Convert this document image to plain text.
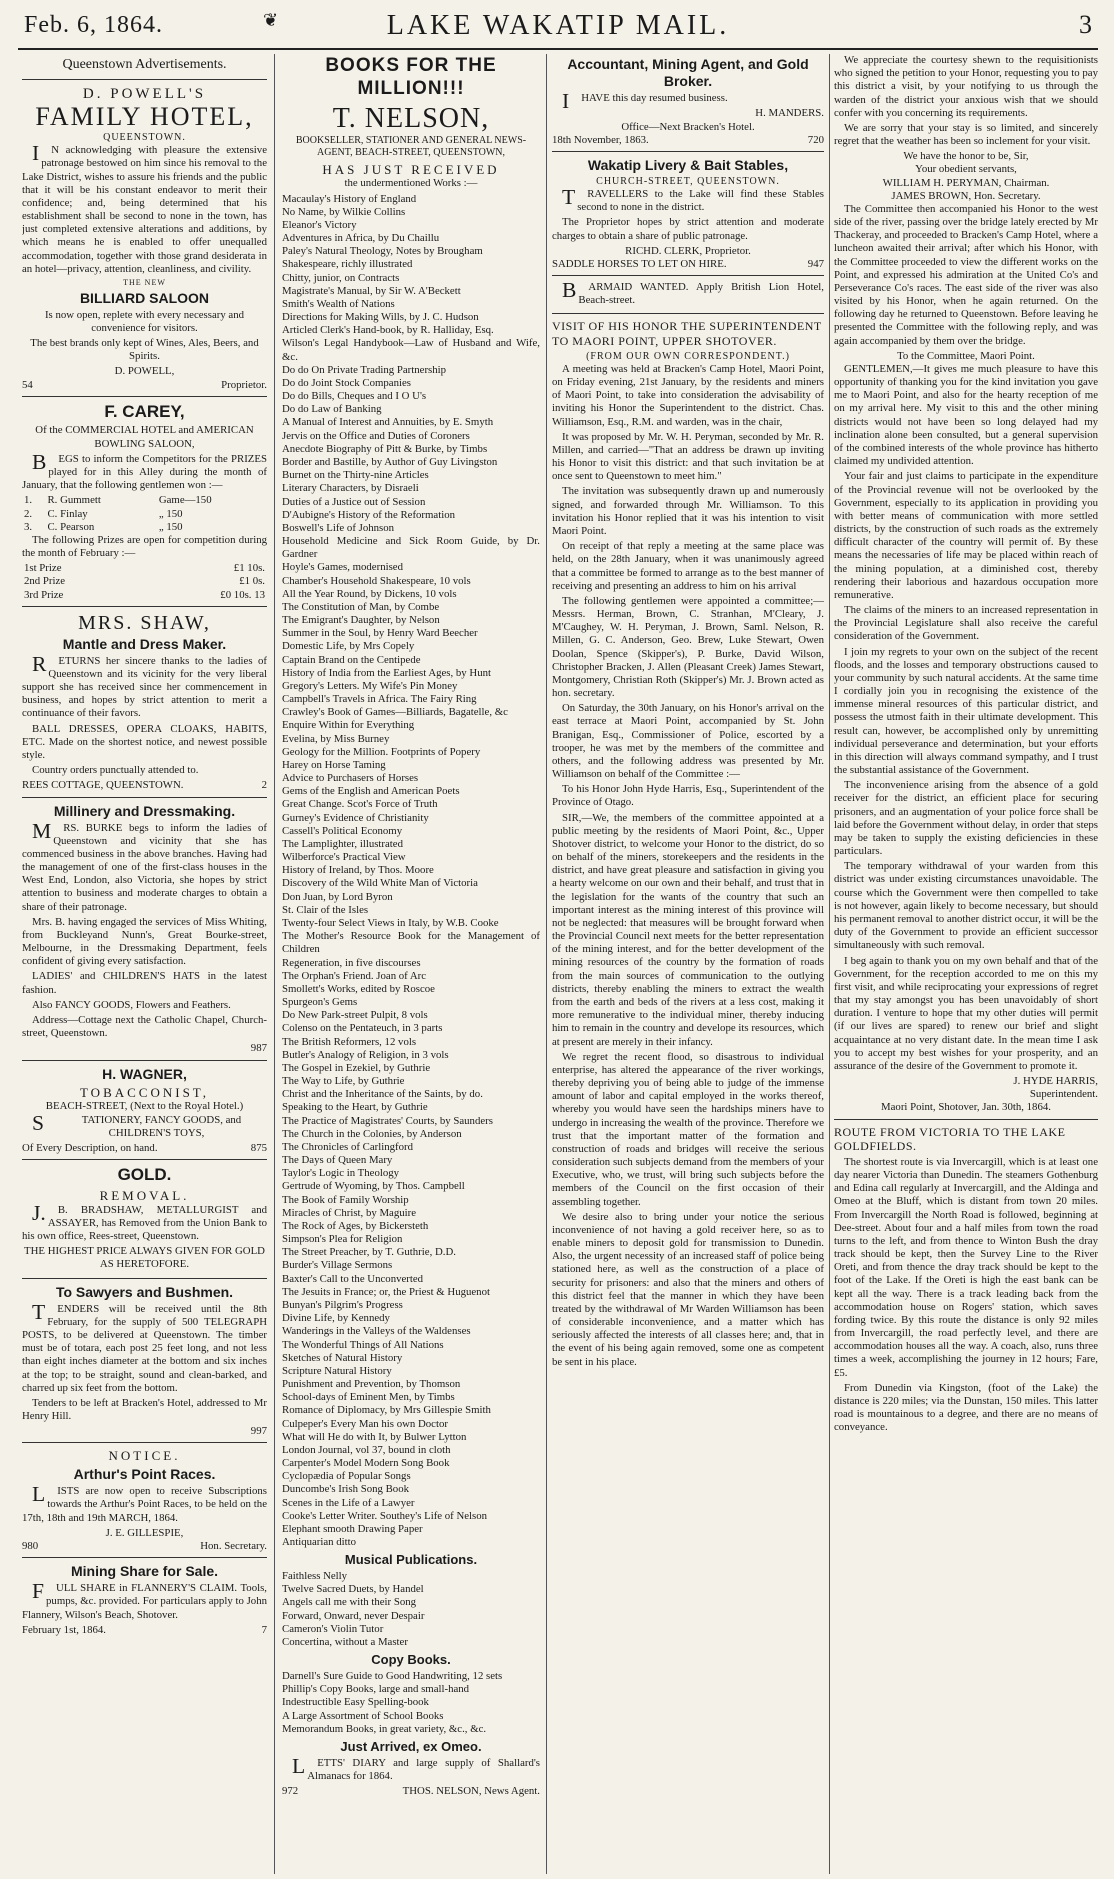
Feb. 6, 1864.	❦	LAKE WAKATIP MAIL.	3
Queenstown Advertisements.
D. POWELL'S
FAMILY HOTEL,
QUEENSTOWN.

IN acknowledging with pleasure the extensive patronage bestowed on him since his removal to the Lake District, wishes to assure his friends and the public that it will be his constant endeavor to merit their confidence; and, being determined that his establishment shall be second to none in the town, has just completed extensive alterations and additions, by which means he is enabled to offer unequalled accommodation, together with those grand desiderata in an hotel—privacy, attention, cleanliness, and civility.

THE NEW
BILLIARD SALOON

Is now open, replete with every necessary and convenience for visitors.

The best brands only kept of Wines, Ales, Beers, and Spirits.

D. POWELL,
54	Proprietor.
F. CAREY,

Of the COMMERCIAL HOTEL and AMERICAN BOWLING SALOON,

BEGS to inform the Competitors for the PRIZES played for in this Alley during the month of January, that the following gentlemen won :—

1.	R. Gummett	Game—150
2.	C. Finlay	„ 150
3.	C. Pearson	„ 150

The following Prizes are open for competition during the month of February :—

1st Prize	£1 10s.
2nd Prize	£1 0s.
3rd Prize	£0 10s. 13
MRS. SHAW,
Mantle and Dress Maker.

RETURNS her sincere thanks to the ladies of Queenstown and its vicinity for the very liberal support she has received since her commencement in business, and hopes by strict attention to merit a continuance of their favors.

BALL DRESSES, OPERA CLOAKS, HABITS, ETC. Made on the shortest notice, and newest possible style.

Country orders punctually attended to.

REES COTTAGE, QUEENSTOWN.	2
Millinery and Dressmaking.

MRS. BURKE begs to inform the ladies of Queenstown and vicinity that she has commenced business in the above branches. Having had the management of one of the first-class houses in the West End, London, also Victoria, she hopes by strict attention to business and moderate charges to obtain a share of their patronage.

Mrs. B. having engaged the services of Miss Whiting, from Buckleyand Nunn's, Great Bourke-street, Melbourne, in the Dressmaking Department, feels confident of giving every satisfaction.

LADIES' and CHILDREN'S HATS in the latest fashion.

Also FANCY GOODS, Flowers and Feathers.

Address—Cottage next the Catholic Chapel, Church-street, Queenstown.

987
H. WAGNER,
TOBACCONIST,
BEACH-STREET, (Next to the Royal Hotel.)

STATIONERY, FANCY GOODS, and CHILDREN'S TOYS,

Of Every Description, on hand.	875
GOLD.
REMOVAL.

J.B. BRADSHAW, METALLURGIST and ASSAYER, has Removed from the Union Bank to his own office, Rees-street, Queenstown.

THE HIGHEST PRICE ALWAYS GIVEN FOR GOLD AS HERETOFORE.

To Sawyers and Bushmen.

TENDERS will be received until the 8th February, for the supply of 500 TELEGRAPH POSTS, to be delivered at Queenstown. The timber must be of totara, each post 25 feet long, and not less than eight inches diameter at the bottom and six inches at the top; to be straight, sound and clean-barked, and charred up six feet from the bottom.

Tenders to be left at Bracken's Hotel, addressed to Mr Henry Hill.

997
NOTICE.
Arthur's Point Races.

LISTS are now open to receive Subscriptions towards the Arthur's Point Races, to be held on the 17th, 18th and 19th MARCH, 1864.

J. E. GILLESPIE,
980	Hon. Secretary.
Mining Share for Sale.

FULL SHARE in FLANNERY'S CLAIM. Tools, pumps, &c. provided. For particulars apply to John Flannery, Wilson's Beach, Shotover.

February 1st, 1864.	7
BOOKS FOR THE MILLION!!!
T. NELSON,

BOOKSELLER, STATIONER AND GENERAL NEWS-AGENT, BEACH-STREET, QUEENSTOWN,

HAS JUST RECEIVED

the undermentioned Works :—

Macaulay's History of England
No Name, by Wilkie Collins
Eleanor's Victory
Adventures in Africa, by Du Chaillu
Paley's Natural Theology, Notes by Brougham
Shakespeare, richly illustrated
Chitty, junior, on Contracts
Magistrate's Manual, by Sir W. A'Beckett
Smith's Wealth of Nations
Directions for Making Wills, by J. C. Hudson
Articled Clerk's Hand-book, by R. Halliday, Esq.
Wilson's Legal Handybook—Law of Husband and Wife, &c.
Do do On Private Trading Partnership
Do do Joint Stock Companies
Do do Bills, Cheques and I O U's
Do do Law of Banking
A Manual of Interest and Annuities, by E. Smyth
Jervis on the Office and Duties of Coroners
Anecdote Biography of Pitt & Burke, by Timbs
Border and Bastille, by Author of Guy Livingston
Burnet on the Thirty-nine Articles
Literary Characters, by Disraeli
Duties of a Justice out of Session
D'Aubigne's History of the Reformation
Boswell's Life of Johnson
Household Medicine and Sick Room Guide, by Dr. Gardner
Hoyle's Games, modernised
Chamber's Household Shakespeare, 10 vols
All the Year Round, by Dickens, 10 vols
The Constitution of Man, by Combe
The Emigrant's Daughter, by Nelson
Summer in the Soul, by Henry Ward Beecher
Domestic Life, by Mrs Copely
Captain Brand on the Centipede
History of India from the Earliest Ages, by Hunt
Gregory's Letters. My Wife's Pin Money
Campbell's Travels in Africa. The Fairy Ring
Crawley's Book of Games—Billiards, Bagatelle, &c
Enquire Within for Everything
Evelina, by Miss Burney
Geology for the Million. Footprints of Popery
Harey on Horse Taming
Advice to Purchasers of Horses
Gems of the English and American Poets
Great Change. Scot's Force of Truth
Gurney's Evidence of Christianity
Cassell's Political Economy
The Lamplighter, illustrated
Wilberforce's Practical View
History of Ireland, by Thos. Moore
Discovery of the Wild White Man of Victoria
Don Juan, by Lord Byron
St. Clair of the Isles
Twenty-four Select Views in Italy, by W.B. Cooke
The Mother's Resource Book for the Management of Children
Regeneration, in five discourses
The Orphan's Friend. Joan of Arc
Smollett's Works, edited by Roscoe
Spurgeon's Gems
Do New Park-street Pulpit, 8 vols
Colenso on the Pentateuch, in 3 parts
The British Reformers, 12 vols
Butler's Analogy of Religion, in 3 vols
The Gospel in Ezekiel, by Guthrie
The Way to Life, by Guthrie
Christ and the Inheritance of the Saints, by do.
Speaking to the Heart, by Guthrie
The Practice of Magistrates' Courts, by Saunders
The Church in the Colonies, by Anderson
The Chronicles of Carlingford
The Days of Queen Mary
Taylor's Logic in Theology
Gertrude of Wyoming, by Thos. Campbell
The Book of Family Worship
Miracles of Christ, by Maguire
The Rock of Ages, by Bickersteth
Simpson's Plea for Religion
The Street Preacher, by T. Guthrie, D.D.
Burder's Village Sermons
Baxter's Call to the Unconverted
The Jesuits in France; or, the Priest & Huguenot
Bunyan's Pilgrim's Progress
Divine Life, by Kennedy
Wanderings in the Valleys of the Waldenses
The Wonderful Things of All Nations
Sketches of Natural History
Scripture Natural History
Punishment and Prevention, by Thomson
School-days of Eminent Men, by Timbs
Romance of Diplomacy, by Mrs Gillespie Smith
Culpeper's Every Man his own Doctor
What will He do with It, by Bulwer Lytton
London Journal, vol 37, bound in cloth
Carpenter's Model Modern Song Book
Cyclopædia of Popular Songs
Duncombe's Irish Song Book
Scenes in the Life of a Lawyer
Cooke's Letter Writer. Southey's Life of Nelson
Elephant smooth Drawing Paper
Antiquarian ditto
Musical Publications.
Faithless Nelly
Twelve Sacred Duets, by Handel
Angels call me with their Song
Forward, Onward, never Despair
Cameron's Violin Tutor
Concertina, without a Master
Copy Books.
Darnell's Sure Guide to Good Handwriting, 12 sets
Phillip's Copy Books, large and small-hand
Indestructible Easy Spelling-book
A Large Assortment of School Books
Memorandum Books, in great variety, &c., &c.
Just Arrived, ex Omeo.

LETTS' DIARY and large supply of Shallard's Almanacs for 1864.

972	THOS. NELSON, News Agent.
Accountant, Mining Agent, and Gold Broker.

IHAVE this day resumed business.

H. MANDERS.
Office—Next Bracken's Hotel.
18th November, 1863.	720
Wakatip Livery & Bait Stables,
CHURCH-STREET, QUEENSTOWN.

TRAVELLERS to the Lake will find these Stables second to none in the district.

The Proprietor hopes by strict attention and moderate charges to obtain a share of public patronage.

RICHD. CLERK, Proprietor.
SADDLE HORSES TO LET ON HIRE.	947

BARMAID WANTED. Apply British Lion Hotel, Beach-street.

VISIT OF HIS HONOR THE SUPERINTENDENT TO MAORI POINT, UPPER SHOTOVER.
(FROM OUR OWN CORRESPONDENT.)

A meeting was held at Bracken's Camp Hotel, Maori Point, on Friday evening, 21st January, by the residents and miners of Maori Point, to take into consideration the advisability of inviting his Honor the Superintendent to the district. Chas. Williamson, Esq., R.M. and warden, was in the chair,

It was proposed by Mr. W. H. Peryman, seconded by Mr. R. Millen, and carried—"That an address be drawn up inviting his Honor to visit this district: and that such invitation be at once sent to Queenstown to meet him."

The invitation was subsequently drawn up and numerously signed, and forwarded through Mr. Williamson. To this invitation his Honor replied that it was his intention to visit Maori Point.

On receipt of that reply a meeting at the same place was held, on the 28th January, when it was unanimously agreed that a committee be formed to arrange as to the best manner of receiving and presenting an address to him on his arrival

The following gentlemen were appointed a committee;—Messrs. Herman, Brown, C. Stranhan, M'Cleary, J. M'Caughey, W. H. Peryman, J. Brown, Saml. Nelson, R. Millen, G. C. Anderson, Geo. Brew, Luke Stewart, Owen Doolan, Spence (Skipper's), P. Burke, David Wilson, Christopher Bracken, J. Allen (Pleasant Creek) James Stewart, Montgomery, Christian Roth (Skipper's) Mr. J. Brown acted as hon. secretary.

On Saturday, the 30th January, on his Honor's arrival on the east terrace at Maori Point, accompanied by St. John Branigan, Esq., Commissioner of Police, escorted by a trooper, he was met by the members of the committee and others, and the following address was presented by Mr. Williamson on behalf of the Committee :—

To his Honor John Hyde Harris, Esq., Superintendent of the Province of Otago.

SIR,—We, the members of the committee appointed at a public meeting by the residents of Maori Point, &c., Upper Shotover district, to welcome your Honor to the district, do so on behalf of the miners, storekeepers and the residents in the district, and have great pleasure and satisfaction in giving you a hearty welcome on our own and their behalf, and trust that in the legislation for the wants of the country that such an important interest as the mining interest of this province will not be neglected: that measures will be brought forward when the Provincial Council next meets for the better representation of the mining interest, and for the better development of the mining resources of the country by the formation of roads from the main sources of communication to the outlying districts, thereby enabling the miners to extract the wealth from the earth and beds of the rivers at a less cost, making it more remunerative to the individual miner, thereby inducing him to remain in the country and develope its resources, which at present are merely in their infancy.

We regret the recent flood, so disastrous to individual enterprise, has altered the appearance of the river workings, thereby depriving you of being able to judge of the immense amount of labor and capital employed in the works thereof, whereby you would have seen the hardships miners have to undergo in increasing the wealth of the province. Therefore we trust that the important matter of the formation and construction of roads and bridges will receive the serious consideration such subjects demand from the members of your Executive, who, we trust, will bring such subjects before the members of the Council on the first occasion of their assembling together.

We desire also to bring under your notice the serious inconvenience of not having a gold receiver here, so as to enable miners to deposit gold for transmission to Dunedin. Also, the urgent necessity of an increased staff of police being stationed here, as well as the construction of a place of security for prisoners: and also that the miners and others of this district feel that the manner in which they have been treated by the withdrawal of Mr Warden Williamson has been of considerable inconvenience, and a matter which has seriously affected the interests of all classes here; and, that in the event of his being again removed, some one as competent be sent in his place.

We appreciate the courtesy shewn to the requisitionists who signed the petition to your Honor, requesting you to pay this district a visit, by your notifying to us through the warden of the district your anxious wish that we should confer with you concerning its requirements.

We are sorry that your stay is so limited, and sincerely regret that the weather has been so inclement for your visit.

We have the honor to be, Sir,
Your obedient servants,
WILLIAM H. PERYMAN, Chairman.
JAMES BROWN, Hon. Secretary.

The Committee then accompanied his Honor to the west side of the river, passing over the bridge lately erected by Mr Thackeray, and proceeded to Bracken's Camp Hotel, where a luncheon awaited their arrival; after which his Honor, with the Committee proceeded to view the different works on the Point, and expressed his admiration at the United Co's and Perseverance Co's races. The east side of the river was also visited by his Honor, when he again returned. On the following day he returned to Queenstown. Before leaving he presented the Committee with the following reply, and was again accompanied by them over the bridge.

To the Committee, Maori Point.

GENTLEMEN,—It gives me much pleasure to have this opportunity of thanking you for the kind invitation you gave me to Maori Point, and also for the hearty reception of me on my arrival here. My visit to this and the other mining districts would not have been so long delayed had my inclination alone been consulted, but a general supervision of the combined interests of the whole province has hitherto claimed my undivided attention.

Your fair and just claims to participate in the expenditure of the Provincial revenue will not be overlooked by the Government, especially to its application in providing you with better means of communication with more settled districts, by the construction of such roads as the extremely difficult character of the country will permit of. By these means the necessaries of life may be placed within reach of the mining population, at a diminished cost, thereby rendering their laborious and hazardous occupation more remunerative.

The claims of the miners to an increased representation in the Provincial Legislature shall also receive the careful consideration of the Government.

I join my regrets to your own on the subject of the recent floods, and the losses and temporary obstructions caused to your community by such natural accidents. At the same time I cordially join you in recognising the existence of the immense mineral resources of this particular district, and possess the utmost faith in their ultimate development. This result can, however, be accomplished only by unremitting individual perseverance and determination, but your efforts in this direction will always command sympathy, and I trust the substantial assistance of the Government.

The inconvenience arising from the absence of a gold receiver for the district, an efficient place for securing prisoners, and an augmentation of your police force shall be laid before the Government without delay, in order that steps may be taken to supply the existing deficiencies in these particulars.

The temporary withdrawal of your warden from this district was under existing circumstances unavoidable. The course which the Government were then compelled to take is not however, again likely to become necessary, but should his permanent removal to another district occur, it will be the duty of the Government to provide an efficient successor simultaneously with such removal.

I beg again to thank you on my own behalf and that of the Government, for the reception accorded to me on this my first visit, and while reciprocating your expressions of regret that my stay amongst you has been unavoidably of short duration. I venture to hope that my other duties will permit (if our lives are spared) to renew our brief and slight acquaintance at no very distant date. In the mean time I ask you to accept my best wishes for your prosperity, and an assurance of the desire of the Government to promote it.

J. HYDE HARRIS,
Superintendent.
Maori Point, Shotover, Jan. 30th, 1864.
ROUTE FROM VICTORIA TO THE LAKE GOLDFIELDS.

The shortest route is via Invercargill, which is at least one day nearer Victoria than Dunedin. The steamers Gothenburg and Edina call regularly at Invercargill, and the Aldinga and Omeo at the Bluff, which is distant from town 20 miles. From Invercargill the North Road is followed, beginning at Dee-street. About four and a half miles from town the road turns to the left, and from thence to Winton Bush the dray track should be kept, then the Survey Line to the River Oreti, and from thence the dray track should be kept to the foot of the Lake. If the Oreti is high the east bank can be kept all the way. There is a track leading back from the accommodation house on Rogers' station, which saves fording twice. By this route the distance is only 92 miles from Invercargill, the road perfectly level, and there are accommodation houses all the way. A coach, also, runs three times a week, accomplishing the journey in 12 hours; Fare, £5.

From Dunedin via Kingston, (foot of the Lake) the distance is 220 miles; via the Dunstan, 150 miles. This latter road is mountainous to a degree, and there are no means of conveyance.
